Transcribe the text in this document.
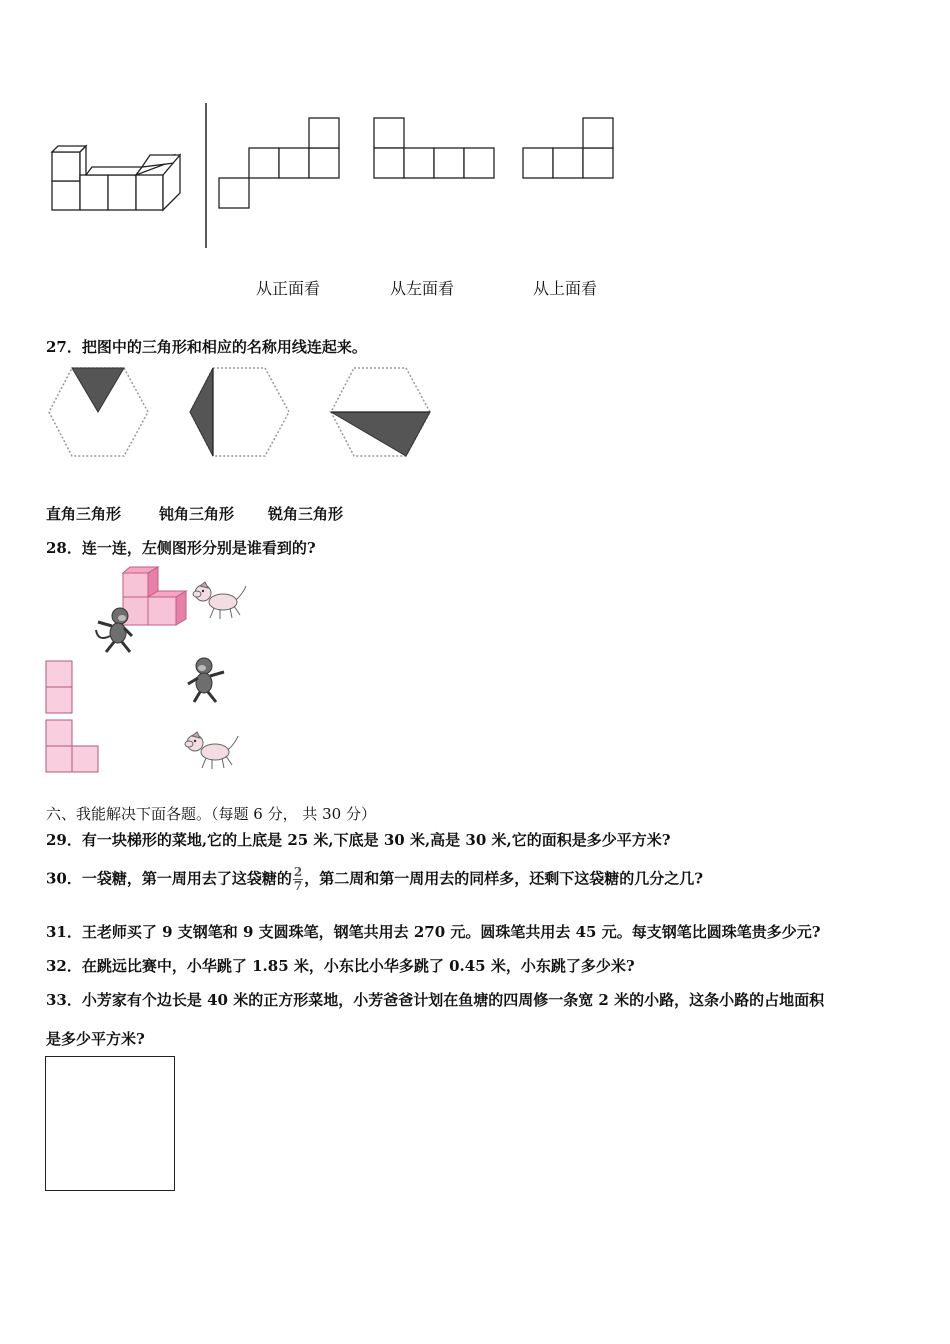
从正面看	从左面看	从上面看
27．把图中的三角形和相应的名称用线连起来。
直角三角形	钝角三角形 锐角三角形
28．连一连，左侧图形分别是谁看到的?
六、我能解决下面各题。（每题 6 分， 共 30 分）
29．有一块梯形的菜地,它的上底是 25 米,下底是 30 米,高是 30 米,它的面积是多少平方米?
30．一袋糖，第一周用去了这袋糖的 $\frac{2}{7}$ ，第二周和第一周用去的同样多，还剩下这袋糖的几分之几?
31．王老师买了 9 支钢笔和 9 支圆珠笔，钢笔共用去 270 元。圆珠笔共用去 45 元。每支钢笔比圆珠笔贵多少元?
32．在跳远比赛中，小华跳了 1.85 米，小东比小华多跳了 0.45 米，小东跳了多少米?
33．小芳家有个边长是 40 米的正方形菜地，小芳爸爸计划在鱼塘的四周修一条宽 2 米的小路，这条小路的占地面积
是多少平方米?
